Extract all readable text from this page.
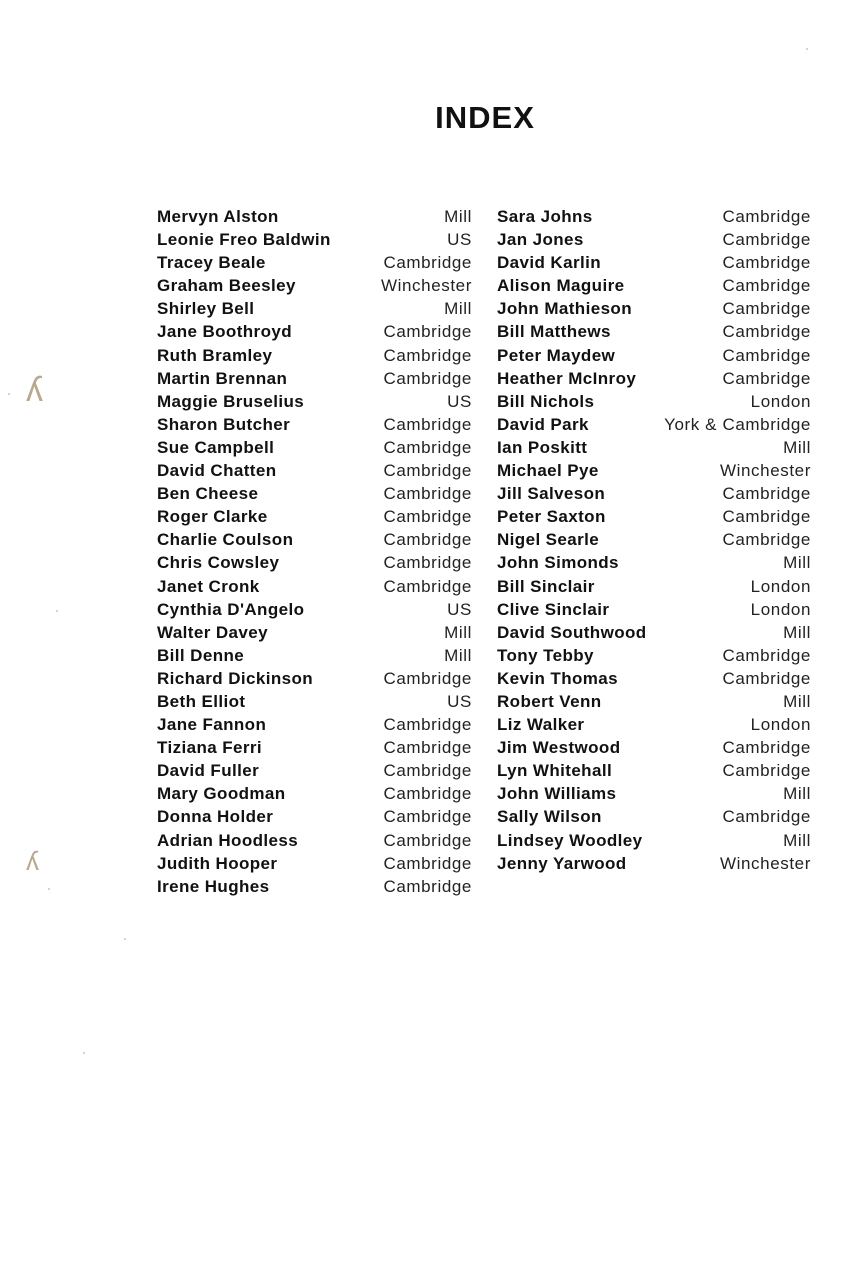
INDEX
Mervyn Alston	Mill
Leonie Freo Baldwin	US
Tracey Beale	Cambridge
Graham Beesley	Winchester
Shirley Bell	Mill
Jane Boothroyd	Cambridge
Ruth Bramley	Cambridge
Martin Brennan	Cambridge
Maggie Bruselius	US
Sharon Butcher	Cambridge
Sue Campbell	Cambridge
David Chatten	Cambridge
Ben Cheese	Cambridge
Roger Clarke	Cambridge
Charlie Coulson	Cambridge
Chris Cowsley	Cambridge
Janet Cronk	Cambridge
Cynthia D'Angelo	US
Walter Davey	Mill
Bill Denne	Mill
Richard Dickinson	Cambridge
Beth Elliot	US
Jane Fannon	Cambridge
Tiziana Ferri	Cambridge
David Fuller	Cambridge
Mary Goodman	Cambridge
Donna Holder	Cambridge
Adrian Hoodless	Cambridge
Judith Hooper	Cambridge
Irene Hughes	Cambridge
Sara Johns	Cambridge
Jan Jones	Cambridge
David Karlin	Cambridge
Alison Maguire	Cambridge
John Mathieson	Cambridge
Bill Matthews	Cambridge
Peter Maydew	Cambridge
Heather McInroy	Cambridge
Bill Nichols	London
David Park	York & Cambridge
Ian Poskitt	Mill
Michael Pye	Winchester
Jill Salveson	Cambridge
Peter Saxton	Cambridge
Nigel Searle	Cambridge
John Simonds	Mill
Bill Sinclair	London
Clive Sinclair	London
David Southwood	Mill
Tony Tebby	Cambridge
Kevin Thomas	Cambridge
Robert Venn	Mill
Liz Walker	London
Jim Westwood	Cambridge
Lyn Whitehall	Cambridge
John Williams	Mill
Sally Wilson	Cambridge
Lindsey Woodley	Mill
Jenny Yarwood	Winchester
ʎ
ʎ
